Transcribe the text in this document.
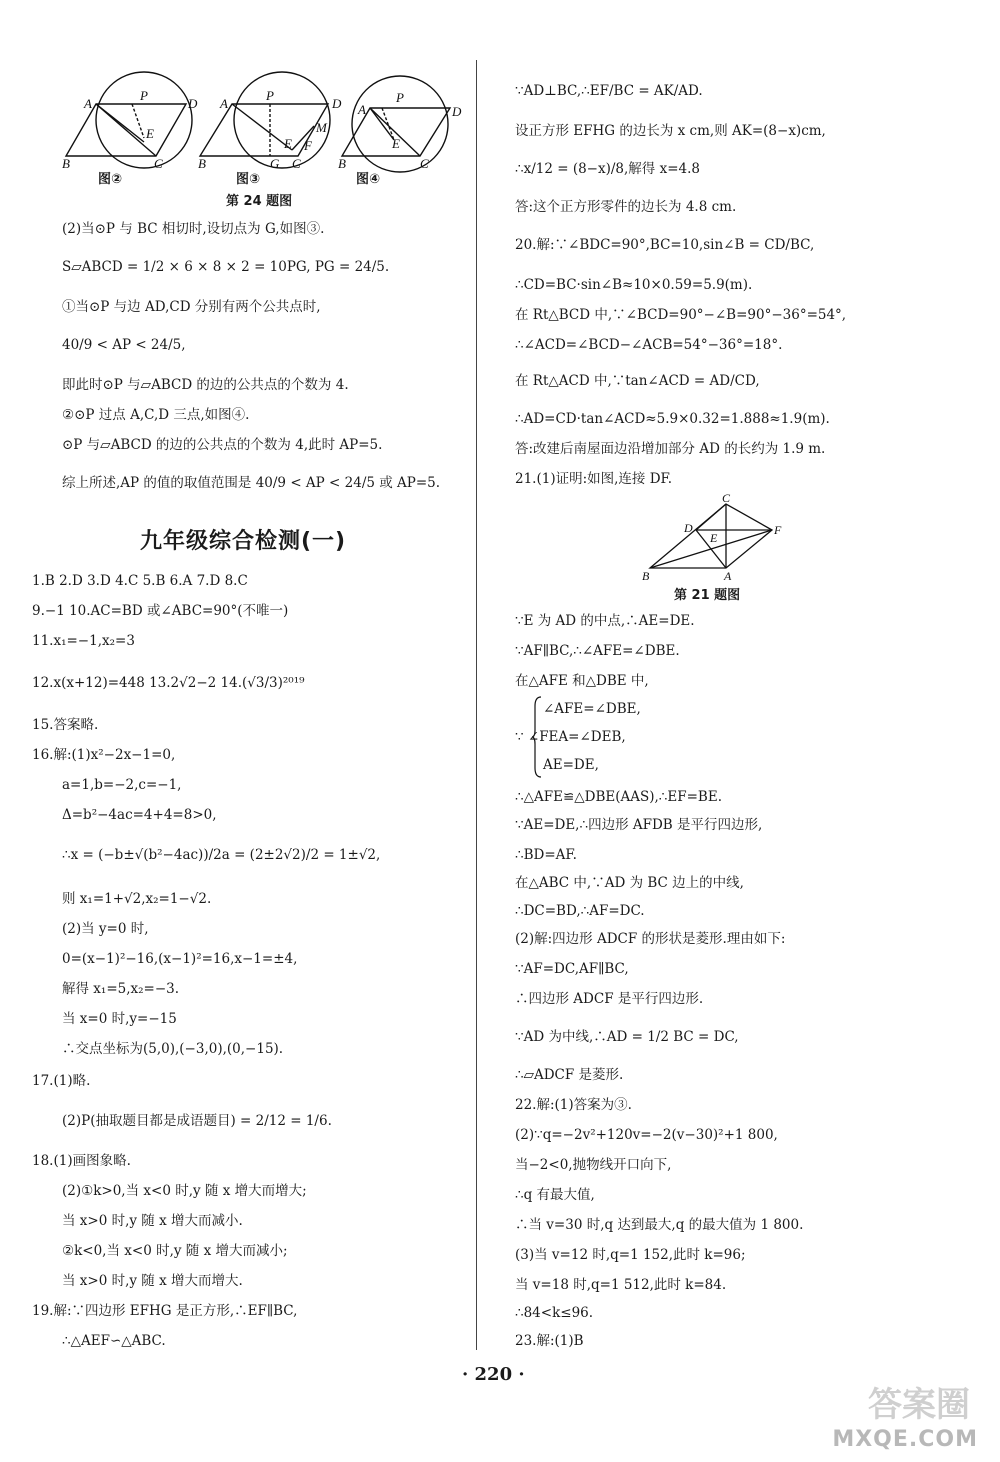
A
P
D
E
B	C
A
P
D
E
M
F
B	G C
A
P
D
E
B	C
图②	图③	图④
第 24 题图
(2)当⊙P 与 BC 相切时,设切点为 G,如图③.
S▱ABCD = 1/2 × 6 × 8 × 2 = 10PG, PG = 24/5.
①当⊙P 与边 AD,CD 分别有两个公共点时,
40/9 < AP < 24/5,
即此时⊙P 与▱ABCD 的边的公共点的个数为 4.
②⊙P 过点 A,C,D 三点,如图④.
⊙P 与▱ABCD 的边的公共点的个数为 4,此时 AP=5.
综上所述,AP 的值的取值范围是 40/9 < AP < 24/5 或 AP=5.
九年级综合检测(一)
1.B 2.D 3.D 4.C 5.B 6.A 7.D 8.C
9.−1 10.AC=BD 或∠ABC=90°(不唯一)
11.x₁=−1,x₂=3
12.x(x+12)=448 13.2√2−2 14.(√3/3)²⁰¹⁹
15.答案略.
16.解:(1)x²−2x−1=0,
a=1,b=−2,c=−1,
Δ=b²−4ac=4+4=8>0,
∴x = (−b±√(b²−4ac))/2a = (2±2√2)/2 = 1±√2,
则 x₁=1+√2,x₂=1−√2.
(2)当 y=0 时,
0=(x−1)²−16,(x−1)²=16,x−1=±4,
解得 x₁=5,x₂=−3.
当 x=0 时,y=−15
∴交点坐标为(5,0),(−3,0),(0,−15).
17.(1)略.
(2)P(抽取题目都是成语题目) = 2/12 = 1/6.
18.(1)画图象略.
(2)①k>0,当 x<0 时,y 随 x 增大而增大;
当 x>0 时,y 随 x 增大而减小.
②k<0,当 x<0 时,y 随 x 增大而减小;
当 x>0 时,y 随 x 增大而增大.
19.解:∵四边形 EFHG 是正方形,∴EF∥BC,
∴△AEF∽△ABC.
∵AD⊥BC,∴EF/BC = AK/AD.
设正方形 EFHG 的边长为 x cm,则 AK=(8−x)cm,
∴x/12 = (8−x)/8,解得 x=4.8
答:这个正方形零件的边长为 4.8 cm.
20.解:∵∠BDC=90°,BC=10,sin∠B = CD/BC,
∴CD=BC·sin∠B≈10×0.59=5.9(m).
在 Rt△BCD 中,∵∠BCD=90°−∠B=90°−36°=54°,
∴∠ACD=∠BCD−∠ACB=54°−36°=18°.
在 Rt△ACD 中,∵tan∠ACD = AD/CD,
∴AD=CD·tan∠ACD≈5.9×0.32=1.888≈1.9(m).
答:改建后南屋面边沿增加部分 AD 的长约为 1.9 m.
21.(1)证明:如图,连接 DF.
C
D
E
F
B	A
第 21 题图
∵E 为 AD 的中点,∴AE=DE.
∵AF∥BC,∴∠AFE=∠DBE.
在△AFE 和△DBE 中,
∠AFE=∠DBE,
∵ ∠FEA=∠DEB,
AE=DE,
∴△AFE≌△DBE(AAS),∴EF=BE.
∵AE=DE,∴四边形 AFDB 是平行四边形,
∴BD=AF.
在△ABC 中,∵AD 为 BC 边上的中线,
∴DC=BD,∴AF=DC.
(2)解:四边形 ADCF 的形状是菱形.理由如下:
∵AF=DC,AF∥BC,
∴四边形 ADCF 是平行四边形.
∵AD 为中线,∴AD = 1/2 BC = DC,
∴▱ADCF 是菱形.
22.解:(1)答案为③.
(2)∵q=−2v²+120v=−2(v−30)²+1 800,
当−2<0,抛物线开口向下,
∴q 有最大值,
∴当 v=30 时,q 达到最大,q 的最大值为 1 800.
(3)当 v=12 时,q=1 152,此时 k=96;
当 v=18 时,q=1 512,此时 k=84.
∴84<k≤96.
23.解:(1)B
· 220 ·
答案圈
MXQE.COM
